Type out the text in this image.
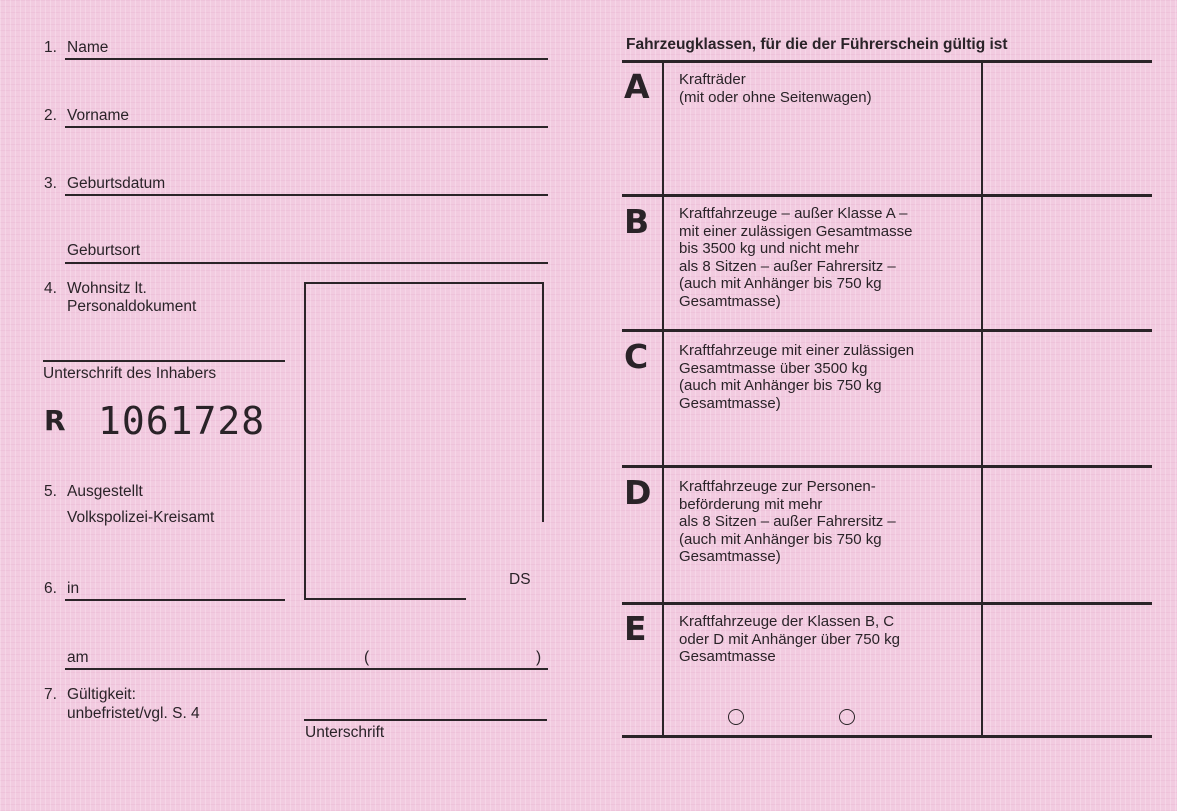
1. Name
2. Vorname
3. Geburtsdatum
Geburtsort
4. Wohnsitz lt.
Personaldokument
Unterschrift des Inhabers
R 1061728
5. Ausgestellt
Volkspolizei-Kreisamt
DS
6. in
am	(	)
7. Gültigkeit:
unbefristet/vgl. S. 4
Unterschrift
Fahrzeugklassen, für die der Führerschein gültig ist
A Krafträder
(mit oder ohne Seitenwagen)
B Kraftfahrzeuge – außer Klasse A –
mit einer zulässigen Gesamtmasse
bis 3500 kg und nicht mehr
als 8 Sitzen – außer Fahrersitz –
(auch mit Anhänger bis 750 kg
Gesamtmasse)
C Kraftfahrzeuge mit einer zulässigen
Gesamtmasse über 3500 kg
(auch mit Anhänger bis 750 kg
Gesamtmasse)
D Kraftfahrzeuge zur Personen-
beförderung mit mehr
als 8 Sitzen – außer Fahrersitz –
(auch mit Anhänger bis 750 kg
Gesamtmasse)
E Kraftfahrzeuge der Klassen B, C
oder D mit Anhänger über 750 kg
Gesamtmasse
